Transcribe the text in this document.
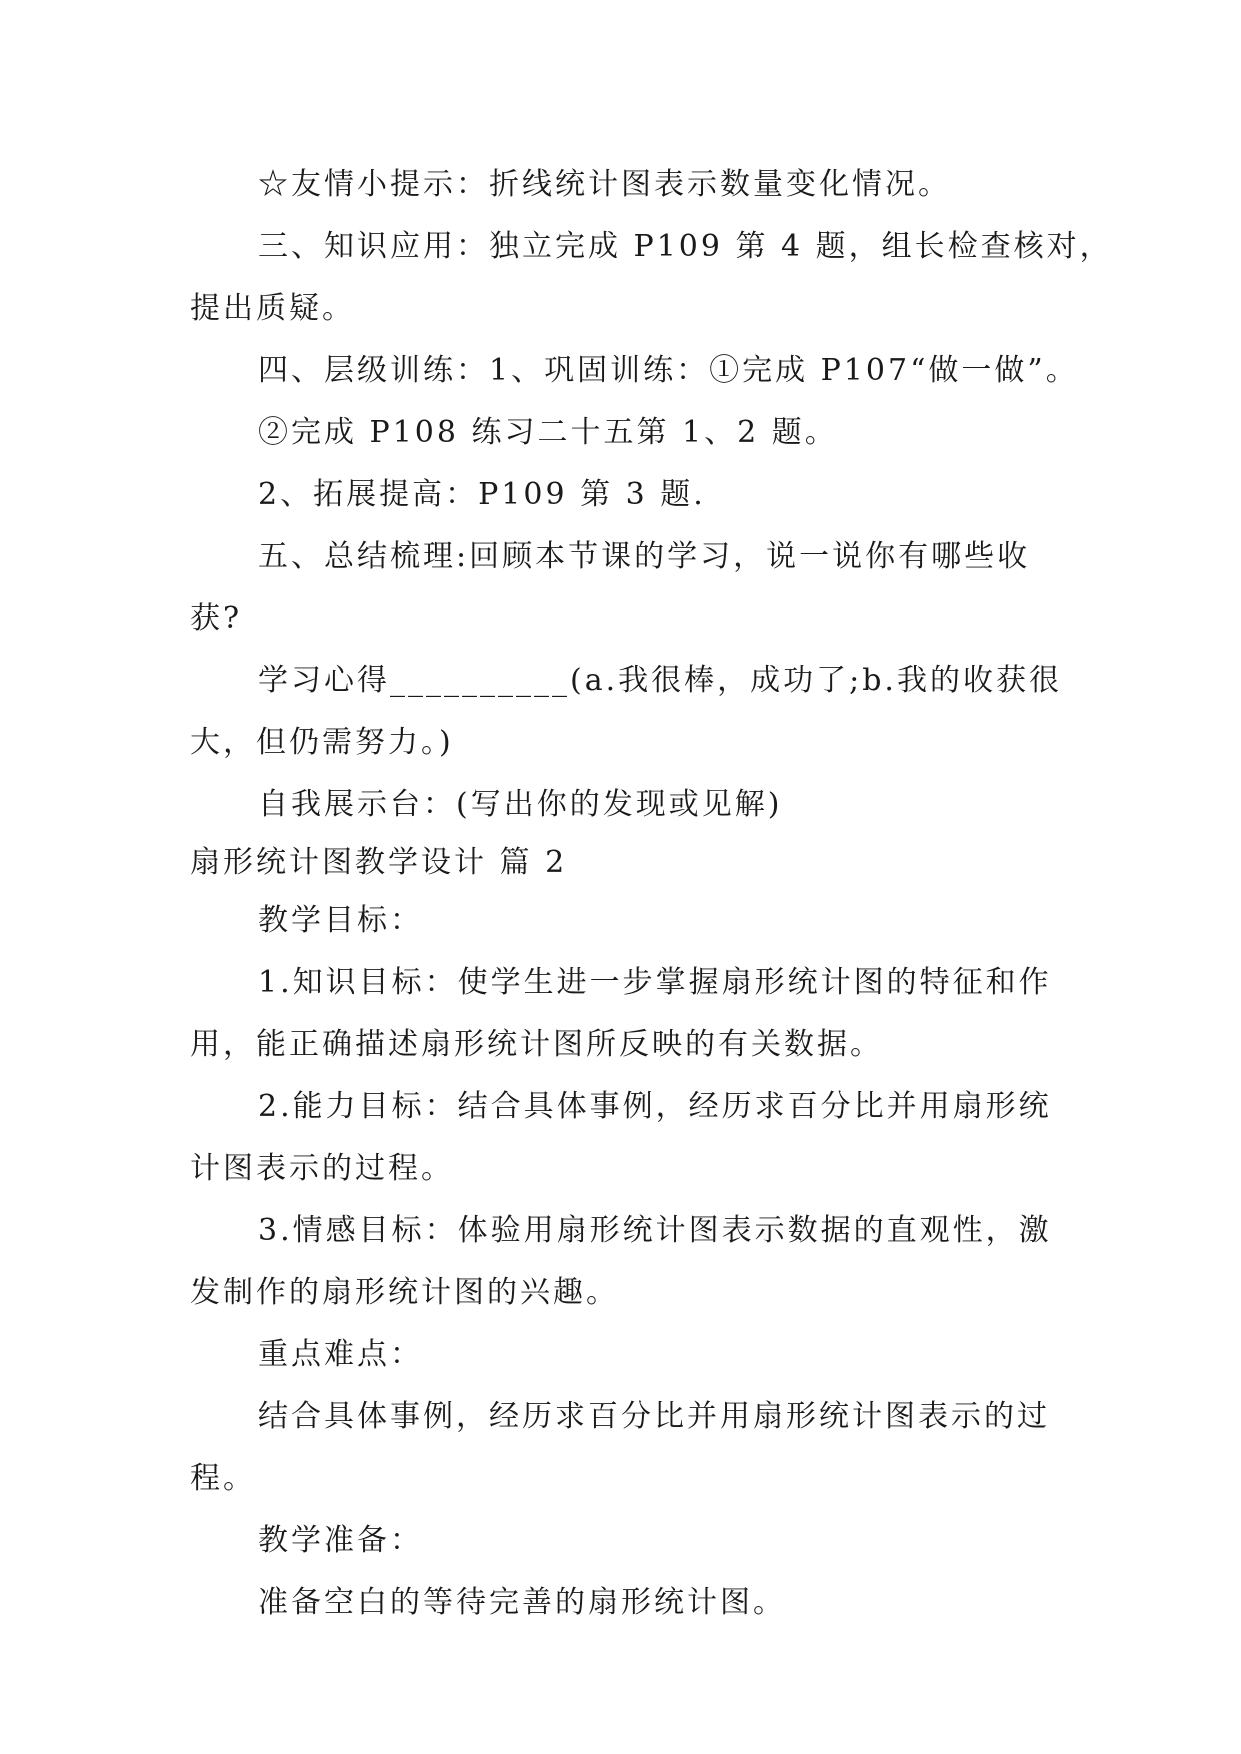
☆友情小提示：折线统计图表示数量变化情况。
三、知识应用：独立完成 P109 第 4 题，组长检查核对，
提出质疑。
四、层级训练：1、巩固训练：①完成 P107“做一做”。
②完成 P108 练习二十五第 1、2 题。
2、拓展提高：P109 第 3 题.
五、总结梳理:回顾本节课的学习，说一说你有哪些收
获?
学习心得__________(a.我很棒，成功了;b.我的收获很
大，但仍需努力。)
自我展示台：(写出你的发现或见解)
扇形统计图教学设计 篇 2
教学目标：
1.知识目标：使学生进一步掌握扇形统计图的特征和作
用，能正确描述扇形统计图所反映的有关数据。
2.能力目标：结合具体事例，经历求百分比并用扇形统
计图表示的过程。
3.情感目标：体验用扇形统计图表示数据的直观性，激
发制作的扇形统计图的兴趣。
重点难点：
结合具体事例，经历求百分比并用扇形统计图表示的过
程。
教学准备：
准备空白的等待完善的扇形统计图。
